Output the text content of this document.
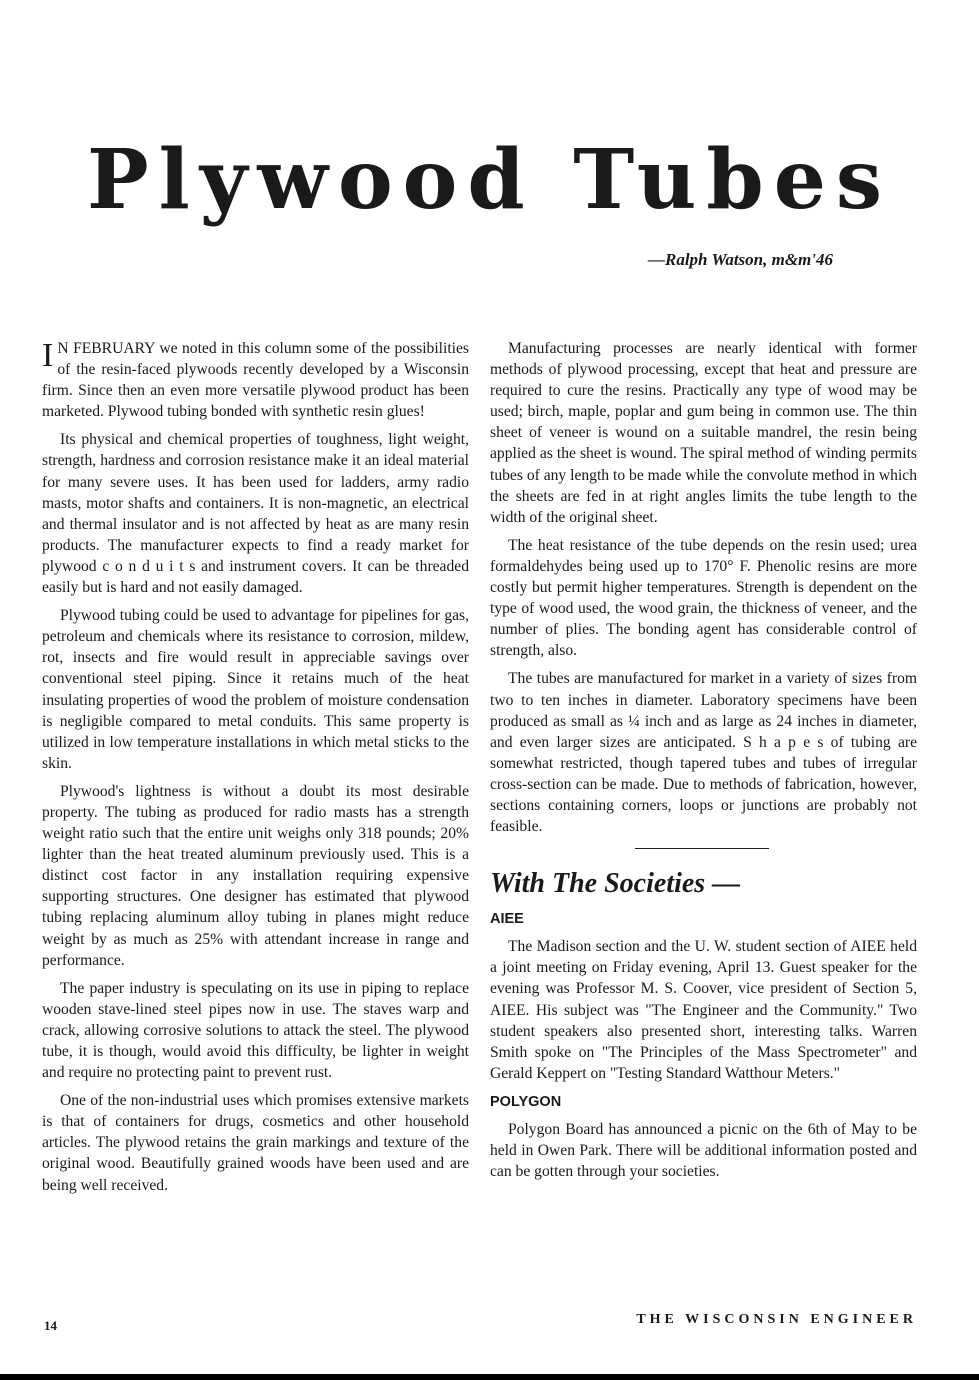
Plywood Tubes
—Ralph Watson, m&m'46

I N FEBRUARY we noted in this column some of the possibilities of the resin-faced plywoods recently developed by a Wisconsin firm. Since then an even more versatile plywood product has been marketed. Plywood tubing bonded with synthetic resin glues!

Its physical and chemical properties of toughness, light weight, strength, hardness and corrosion resistance make it an ideal material for many severe uses. It has been used for ladders, army radio masts, motor shafts and containers. It is non-magnetic, an electrical and thermal insulator and is not affected by heat as are many resin products. The manufacturer expects to find a ready market for plywood c o n d u i t s and instrument covers. It can be threaded easily but is hard and not easily damaged.

Plywood tubing could be used to advantage for pipelines for gas, petroleum and chemicals where its resistance to corrosion, mildew, rot, insects and fire would result in appreciable savings over conventional steel piping. Since it retains much of the heat insulating properties of wood the problem of moisture condensation is negligible compared to metal conduits. This same property is utilized in low temperature installations in which metal sticks to the skin.

Plywood's lightness is without a doubt its most desirable property. The tubing as produced for radio masts has a strength weight ratio such that the entire unit weighs only 318 pounds; 20% lighter than the heat treated aluminum previously used. This is a distinct cost factor in any installation requiring expensive supporting structures. One designer has estimated that plywood tubing replacing aluminum alloy tubing in planes might reduce weight by as much as 25% with attendant increase in range and performance.

The paper industry is speculating on its use in piping to replace wooden stave-lined steel pipes now in use. The staves warp and crack, allowing corrosive solutions to attack the steel. The plywood tube, it is though, would avoid this difficulty, be lighter in weight and require no protecting paint to prevent rust.

One of the non-industrial uses which promises extensive markets is that of containers for drugs, cosmetics and other household articles. The plywood retains the grain markings and texture of the original wood. Beautifully grained woods have been used and are being well received.

Manufacturing processes are nearly identical with former methods of plywood processing, except that heat and pressure are required to cure the resins. Practically any type of wood may be used; birch, maple, poplar and gum being in common use. The thin sheet of veneer is wound on a suitable mandrel, the resin being applied as the sheet is wound. The spiral method of winding permits tubes of any length to be made while the convolute method in which the sheets are fed in at right angles limits the tube length to the width of the original sheet.

The heat resistance of the tube depends on the resin used; urea formaldehydes being used up to 170° F. Phenolic resins are more costly but permit higher temperatures. Strength is dependent on the type of wood used, the wood grain, the thickness of veneer, and the number of plies. The bonding agent has considerable control of strength, also.

The tubes are manufactured for market in a variety of sizes from two to ten inches in diameter. Laboratory specimens have been produced as small as ¼ inch and as large as 24 inches in diameter, and even larger sizes are anticipated. S h a p e s of tubing are somewhat restricted, though tapered tubes and tubes of irregular cross-section can be made. Due to methods of fabrication, however, sections containing corners, loops or junctions are probably not feasible.

With The Societies —
AIEE

The Madison section and the U. W. student section of AIEE held a joint meeting on Friday evening, April 13. Guest speaker for the evening was Professor M. S. Coover, vice president of Section 5, AIEE. His subject was "The Engineer and the Community." Two student speakers also presented short, interesting talks. Warren Smith spoke on "The Principles of the Mass Spectrometer" and Gerald Keppert on "Testing Standard Watthour Meters."

POLYGON

Polygon Board has announced a picnic on the 6th of May to be held in Owen Park. There will be additional information posted and can be gotten through your societies.

14	THE WISCONSIN ENGINEER
